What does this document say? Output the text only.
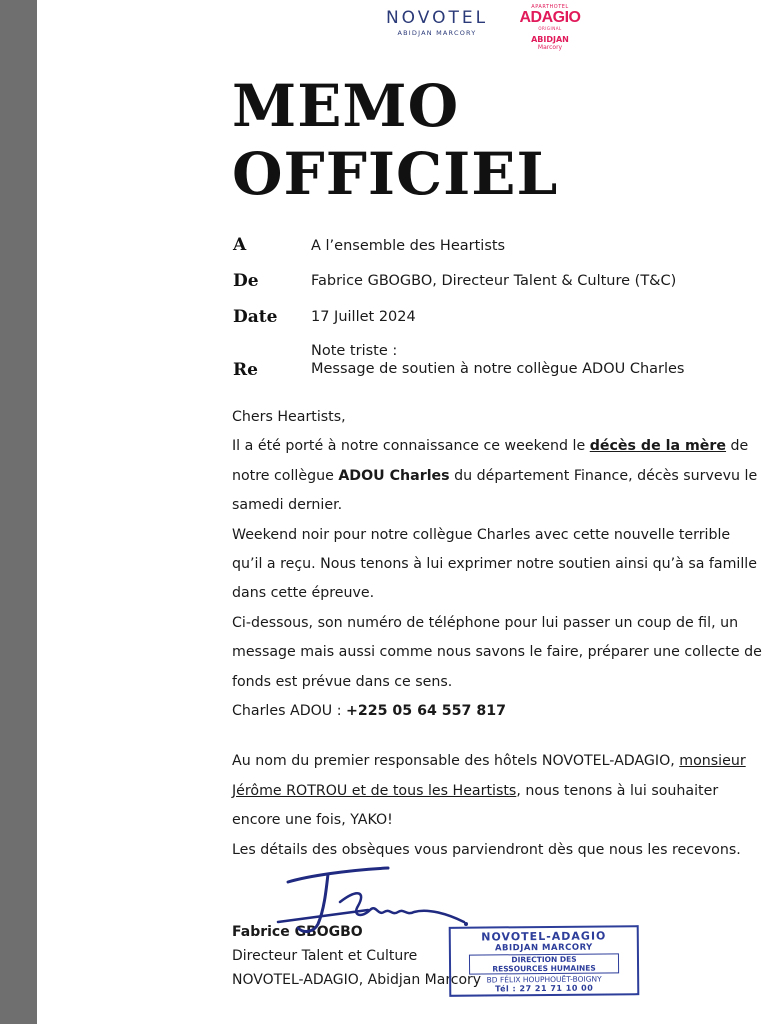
NOVOTEL
ABIDJAN MARCORY
APARTHOTEL
ADAGIO
ORIGINAL
ABIDJAN
Marcory
MEMO
OFFICIEL
A	A l’ensemble des Heartists
De	Fabrice GBOGBO, Directeur Talent & Culture (T&C)
Date 17 Juillet 2024
Note triste :
Re	Message de soutien à notre collègue ADOU Charles

Chers Heartists,

Il a été porté à notre connaissance ce weekend le décès de la mère de notre collègue ADOU Charles du département Finance, décès survevu le samedi dernier.

Weekend noir pour notre collègue Charles avec cette nouvelle terrible qu’il a reçu. Nous tenons à lui exprimer notre soutien ainsi qu’à sa famille dans cette épreuve.

Ci-dessous, son numéro de téléphone pour lui passer un coup de fil, un message mais aussi comme nous savons le faire, préparer une collecte de fonds est prévue dans ce sens.

Charles ADOU : +225 05 64 557 817

Au nom du premier responsable des hôtels NOVOTEL-ADAGIO, monsieur Jérôme ROTROU et de tous les Heartists, nous tenons à lui souhaiter encore une fois, YAKO!

Les détails des obsèques vous parviendront dès que nous les recevons.

Fabrice GBOGBO
Directeur Talent et Culture
NOVOTEL-ADAGIO, Abidjan Marcory
NOVOTEL-ADAGIO
ABIDJAN MARCORY
DIRECTION DES
RESSOURCES HUMAINES
BD FÉLIX HOUPHOUËT-BOIGNY
Tél : 27 21 71 10 00
